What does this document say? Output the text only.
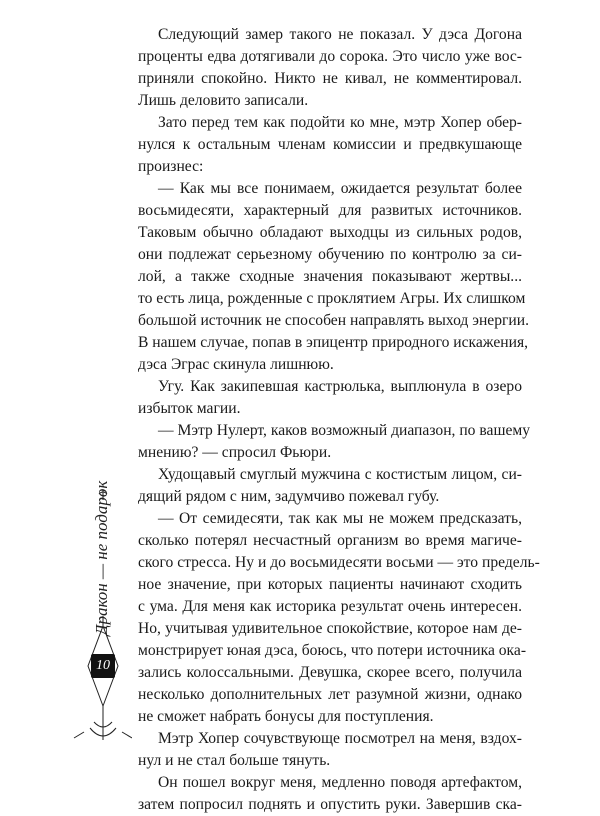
Следующий замер такого не показал. У дэса Догона
проценты едва дотягивали до сорока. Это число уже вос-
приняли спокойно. Никто не кивал, не комментировал.
Лишь деловито записали.
Зато перед тем как подойти ко мне, мэтр Хопер обер-
нулся к остальным членам комиссии и предвкушающе
произнес:
— Как мы все понимаем, ожидается результат более
восьмидесяти, характерный для развитых источников.
Таковым обычно обладают выходцы из сильных родов,
они подлежат серьезному обучению по контролю за си-
лой, а также сходные значения показывают жертвы...
то есть лица, рожденные с проклятием Агры. Их слишком
большой источник не способен направлять выход энергии.
В нашем случае, попав в эпицентр природного искажения,
дэса Эграс скинула лишнюю.
Угу. Как закипевшая кастрюлька, выплюнула в озеро
избыток магии.
— Мэтр Нулерт, каков возможный диапазон, по вашему
мнению? — спросил Фьюри.
Худощавый смуглый мужчина с костистым лицом, си-
дящий рядом с ним, задумчиво пожевал губу.
— От семидесяти, так как мы не можем предсказать,
сколько потерял несчастный организм во время магиче-
ского стресса. Ну и до восьмидесяти восьми — это предель-
ное значение, при которых пациенты начинают сходить
с ума. Для меня как историка результат очень интересен.
Но, учитывая удивительное спокойствие, которое нам де-
монстрирует юная дэса, боюсь, что потери источника ока-
зались колоссальными. Девушка, скорее всего, получила
несколько дополнительных лет разумной жизни, однако
не сможет набрать бонусы для поступления.
Мэтр Хопер сочувствующе посмотрел на меня, вздох-
нул и не стал больше тянуть.
Он пошел вокруг меня, медленно поводя артефактом,
затем попросил поднять и опустить руки. Завершив ска-
Дракон — не подарок
10
